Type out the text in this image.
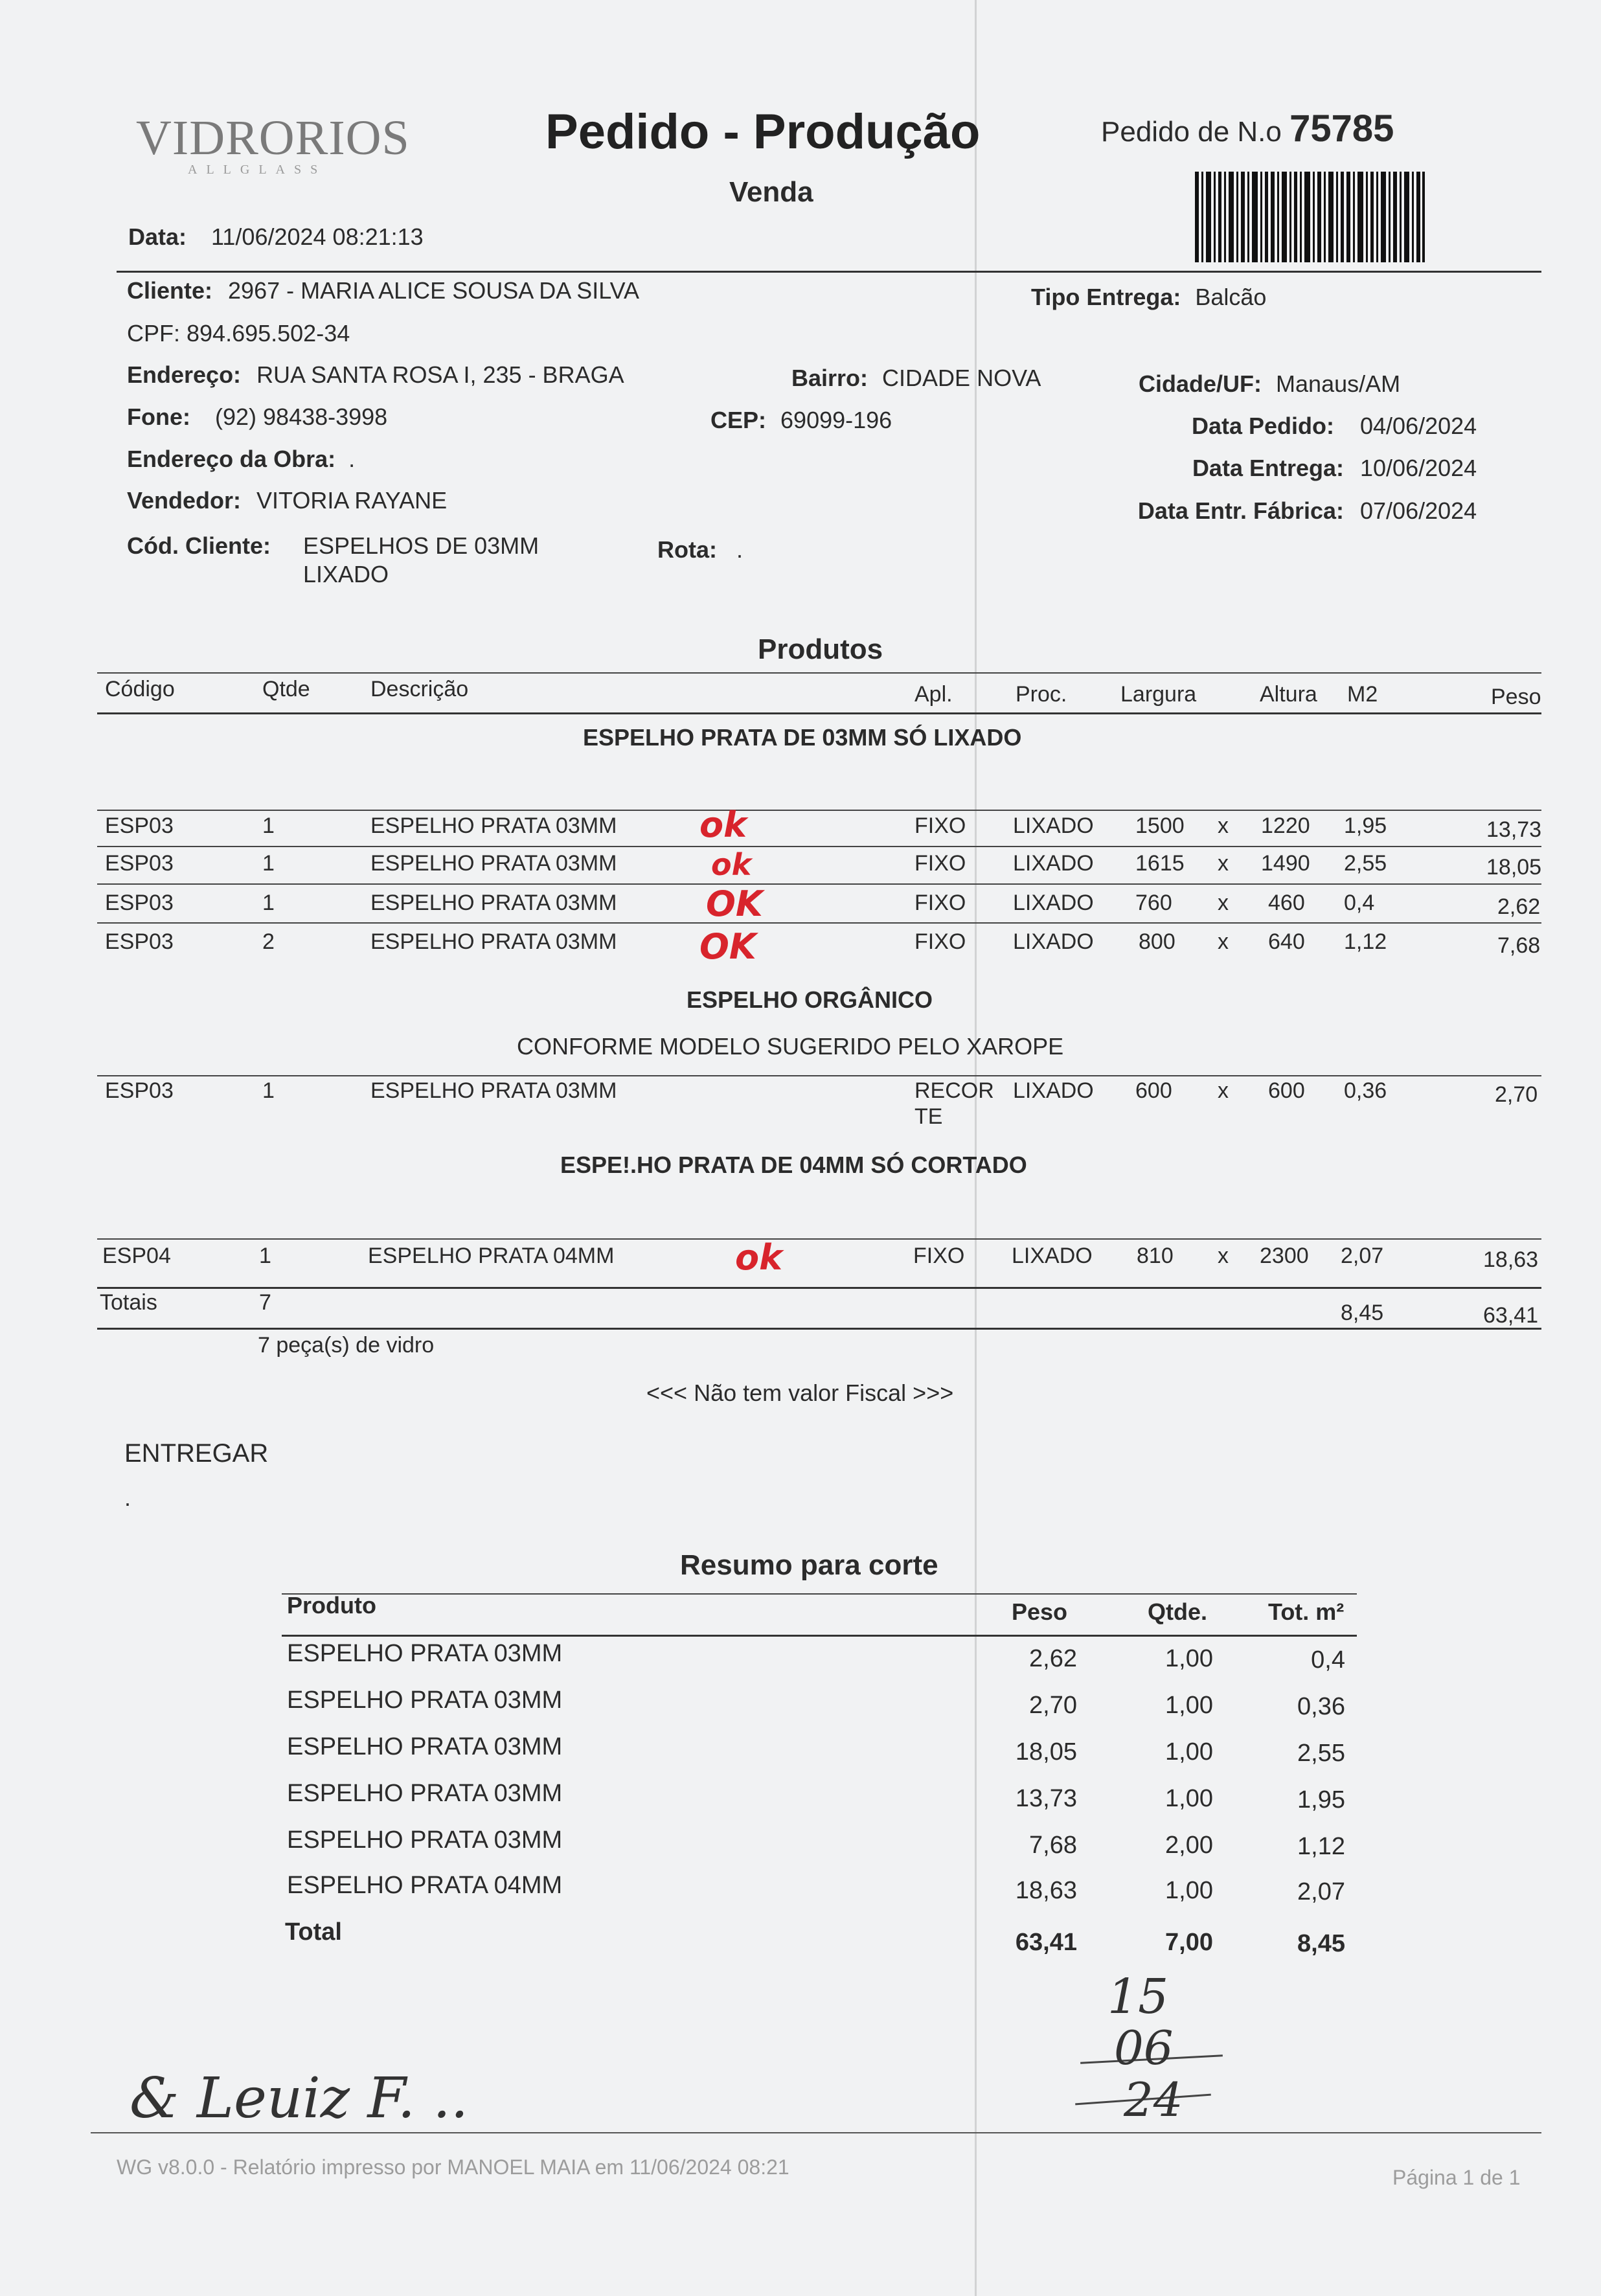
VIDRORIOS
ALLGLASS
Pedido - Produção
Venda
Pedido de N.o 75785
Data: 11/06/2024 08:21:13
Cliente: 2967 - MARIA ALICE SOUSA DA SILVA
CPF: 894.695.502-34
Endereço: RUA SANTA ROSA I, 235 - BRAGA
Fone: (92) 98438-3998
Endereço da Obra: .
Vendedor: VITORIA RAYANE
Cód. Cliente: ESPELHOS DE 03MM
LIXADO
Rota: .
Bairro: CIDADE NOVA
CEP: 69099-196
Tipo Entrega: Balcão
Cidade/UF: Manaus/AM
Data Pedido: 04/06/2024
Data Entrega: 10/06/2024
Data Entr. Fábrica: 07/06/2024
Produtos
Código	Qtde	Descrição	Apl.	Proc. Largura	Altura M2	Peso
ESPELHO PRATA DE 03MM SÓ LIXADO
ESP03	1	ESPELHO PRATA 03MM	FIXO LIXADO 1500 x 1220 1,95	13,73
ESP03	1	ESPELHO PRATA 03MM	FIXO LIXADO 1615 x 1490 2,55	18,05
ESP03	1	ESPELHO PRATA 03MM	FIXO LIXADO 760 x 460 0,4	2,62
ESP03	2	ESPELHO PRATA 03MM	FIXO LIXADO 800 x 640 1,12	7,68
ok
ok
OK
OK
ESPELHO ORGÂNICO
CONFORME MODELO SUGERIDO PELO XAROPE
ESP03	1	ESPELHO PRATA 03MM	RECOR
TE
LIXADO 600 x 600 0,36	2,70
ESPE!.HO PRATA DE 04MM SÓ CORTADO
ESP04	1	ESPELHO PRATA 04MM	FIXO LIXADO 810 x 2300 2,07	18,63
ok
Totais	7	8,45	63,41
7 peça(s) de vidro
<<< Não tem valor Fiscal >>>
ENTREGAR
.
Resumo para corte
Produto	Peso	Qtde.	Tot. m²
ESPELHO PRATA 03MM	2,62	1,00	0,4
ESPELHO PRATA 03MM	2,70	1,00	0,36
ESPELHO PRATA 03MM	18,05	1,00	2,55
ESPELHO PRATA 03MM	13,73	1,00	1,95
ESPELHO PRATA 03MM	7,68	2,00	1,12
ESPELHO PRATA 04MM	18,63	1,00	2,07
Total	63,41	7,00	8,45
15
06
24
& Leuiz F. ..
WG v8.0.0 - Relatório impresso por MANOEL MAIA em 11/06/2024 08:21	Página 1 de 1
